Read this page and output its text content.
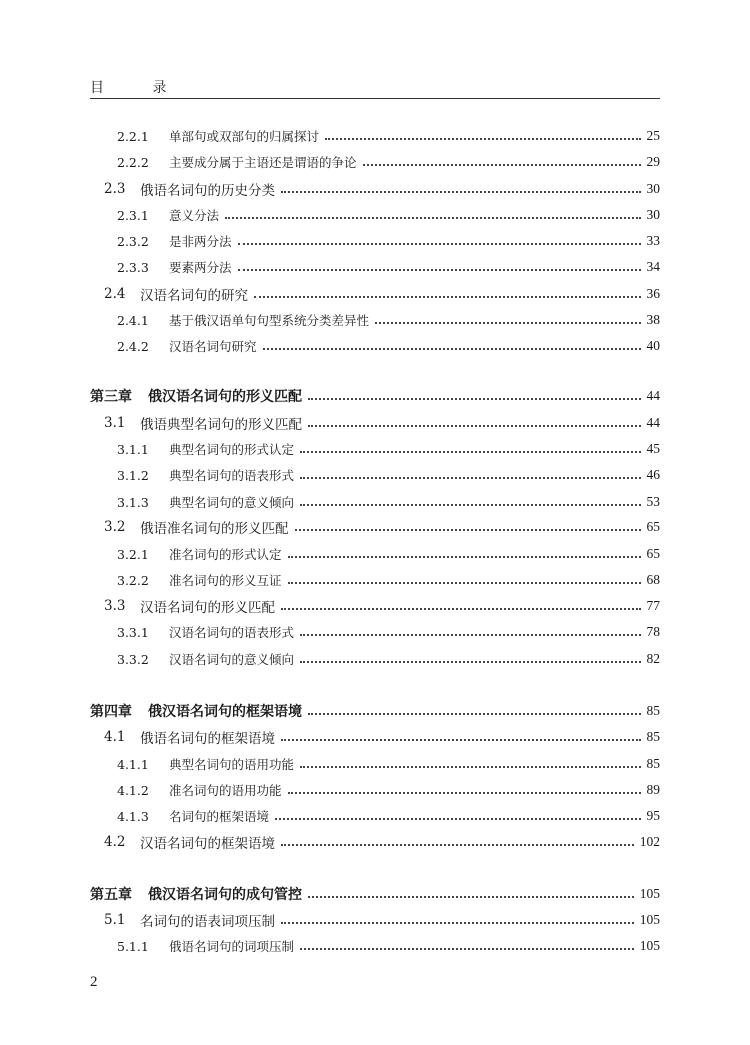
目 录
2.2.1	单部句或双部句的归属探讨	25
2.2.2	主要成分属于主语还是谓语的争论	29
2.3	俄语名词句的历史分类	30
2.3.1	意义分法	30
2.3.2	是非两分法	33
2.3.3	要素两分法	34
2.4	汉语名词句的研究	36
2.4.1	基于俄汉语单句句型系统分类差异性	38
2.4.2	汉语名词句研究	40
第三章	俄汉语名词句的形义匹配	44
3.1	俄语典型名词句的形义匹配	44
3.1.1	典型名词句的形式认定	45
3.1.2	典型名词句的语表形式	46
3.1.3	典型名词句的意义倾向	53
3.2	俄语准名词句的形义匹配	65
3.2.1	准名词句的形式认定	65
3.2.2	准名词句的形义互证	68
3.3	汉语名词句的形义匹配	77
3.3.1	汉语名词句的语表形式	78
3.3.2	汉语名词句的意义倾向	82
第四章	俄汉语名词句的框架语境	85
4.1	俄语名词句的框架语境	85
4.1.1	典型名词句的语用功能	85
4.1.2	准名词句的语用功能	89
4.1.3	名词句的框架语境	95
4.2	汉语名词句的框架语境	102
第五章	俄汉语名词句的成句管控	105
5.1	名词句的语表词项压制	105
5.1.1	俄语名词句的词项压制	105
2
